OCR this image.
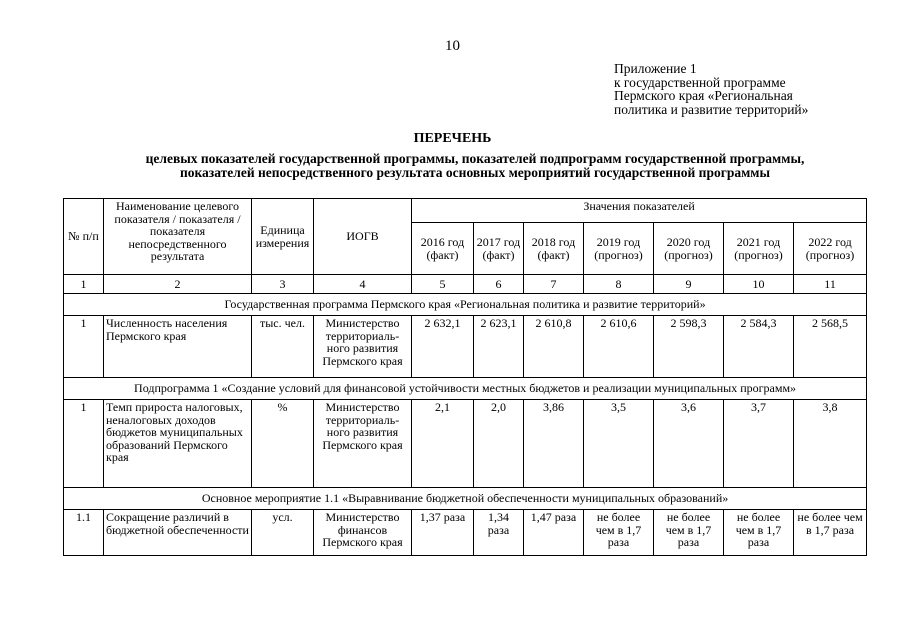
10
Приложение 1
к государственной программе
Пермского края «Региональная
политика и развитие территорий»
ПЕРЕЧЕНЬ
целевых показателей государственной программы, показателей подпрограмм государственной программы,
показателей непосредственного результата основных мероприятий государственной программы
№ п/п	Наименование целевого показателя / показателя / показателя непосредственного результата	Единица измерения	ИОГВ	Значения показателей						
				2016 год (факт)	2017 год (факт)	2018 год (факт)	2019 год (прогноз)	2020 год (прогноз)	2021 год (прогноз)	2022 год (прогноз)
1	2	3	4	5	6	7	8	9	10	11
Государственная программа Пермского края «Региональная политика и развитие территорий»										
1	Численность населения Пермского края	тыс. чел.	Министерство территориаль-ного развития Пермского края	2 632,1	2 623,1	2 610,8	2 610,6	2 598,3	2 584,3	2 568,5
Подпрограмма 1 «Создание условий для финансовой устойчивости местных бюджетов и реализации муниципальных программ»										
1	Темп прироста налоговых, неналоговых доходов бюджетов муниципальных образований Пермского края	%	Министерство территориаль-ного развития Пермского края	2,1	2,0	3,86	3,5	3,6	3,7	3,8
Основное мероприятие 1.1 «Выравнивание бюджетной обеспеченности муниципальных образований»										
1.1	Сокращение различий в бюджетной обеспеченности	усл.	Министерство финансов Пермского края	1,37 раза	1,34 раза	1,47 раза	не более чем в 1,7 раза	не более чем в 1,7 раза	не более чем в 1,7 раза	не более чем в 1,7 раза
